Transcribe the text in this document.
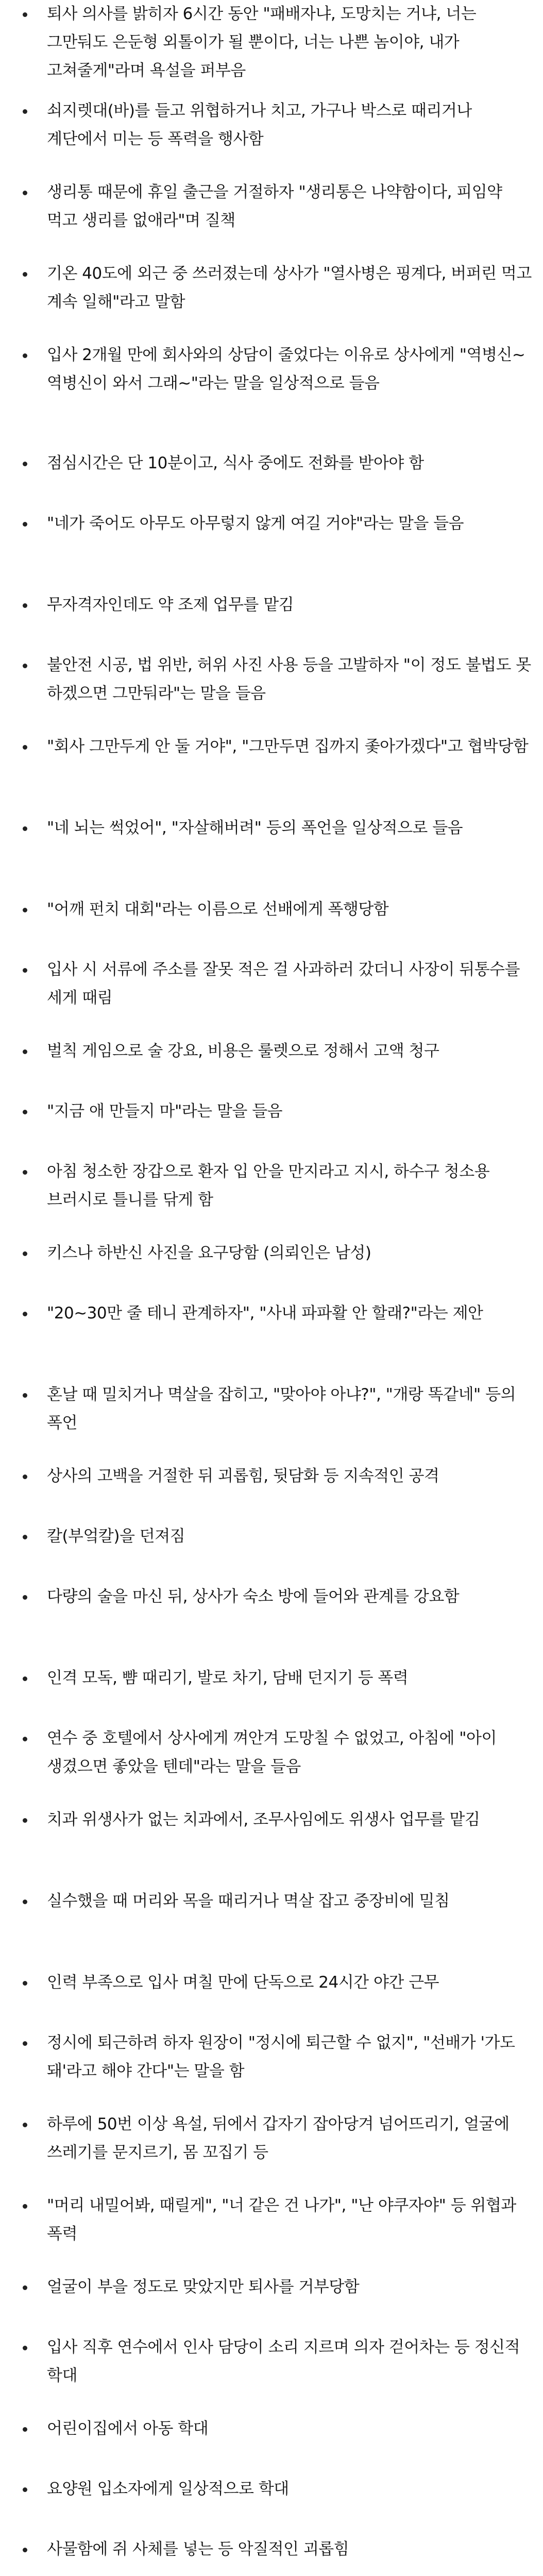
퇴사 의사를 밝히자 6시간 동안 "패배자냐, 도망치는 거냐, 너는 그만둬도 은둔형 외톨이가 될 뿐이다, 너는 나쁜 놈이야, 내가 고쳐줄게"라며 욕설을 퍼부음
쇠지렛대(바)를 들고 위협하거나 치고, 가구나 박스로 때리거나 계단에서 미는 등 폭력을 행사함
생리통 때문에 휴일 출근을 거절하자 "생리통은 나약함이다, 피임약 먹고 생리를 없애라"며 질책
기온 40도에 외근 중 쓰러졌는데 상사가 "열사병은 핑계다, 버퍼린 먹고 계속 일해"라고 말함
입사 2개월 만에 회사와의 상담이 줄었다는 이유로 상사에게 "역병신~ 역병신이 와서 그래~"라는 말을 일상적으로 들음
점심시간은 단 10분이고, 식사 중에도 전화를 받아야 함
"네가 죽어도 아무도 아무렇지 않게 여길 거야"라는 말을 들음
무자격자인데도 약 조제 업무를 맡김
불안전 시공, 법 위반, 허위 사진 사용 등을 고발하자 "이 정도 불법도 못 하겠으면 그만둬라"는 말을 들음
"회사 그만두게 안 둘 거야", "그만두면 집까지 좇아가겠다"고 협박당함
"네 뇌는 썩었어", "자살해버려" 등의 폭언을 일상적으로 들음
"어깨 펀치 대회"라는 이름으로 선배에게 폭행당함
입사 시 서류에 주소를 잘못 적은 걸 사과하러 갔더니 사장이 뒤통수를 세게 때림
벌칙 게임으로 술 강요, 비용은 룰렛으로 정해서 고액 청구
"지금 애 만들지 마"라는 말을 들음
아침 청소한 장갑으로 환자 입 안을 만지라고 지시, 하수구 청소용 브러시로 틀니를 닦게 함
키스나 하반신 사진을 요구당함 (의뢰인은 남성)
"20~30만 줄 테니 관계하자", "사내 파파활 안 할래?"라는 제안
혼날 때 밀치거나 멱살을 잡히고, "맞아야 아냐?", "개랑 똑같네" 등의 폭언
상사의 고백을 거절한 뒤 괴롭힘, 뒷담화 등 지속적인 공격
칼(부엌칼)을 던져짐
다량의 술을 마신 뒤, 상사가 숙소 방에 들어와 관계를 강요함
인격 모독, 뺨 때리기, 발로 차기, 담배 던지기 등 폭력
연수 중 호텔에서 상사에게 껴안겨 도망칠 수 없었고, 아침에 "아이 생겼으면 좋았을 텐데"라는 말을 들음
치과 위생사가 없는 치과에서, 조무사임에도 위생사 업무를 맡김
실수했을 때 머리와 목을 때리거나 멱살 잡고 중장비에 밀침
인력 부족으로 입사 며칠 만에 단독으로 24시간 야간 근무
정시에 퇴근하려 하자 원장이 "정시에 퇴근할 수 없지", "선배가 '가도 돼'라고 해야 간다"는 말을 함
하루에 50번 이상 욕설, 뒤에서 갑자기 잡아당겨 넘어뜨리기, 얼굴에 쓰레기를 문지르기, 몸 꼬집기 등
"머리 내밀어봐, 때릴게", "너 같은 건 나가", "난 야쿠자야" 등 위협과 폭력
얼굴이 부을 정도로 맞았지만 퇴사를 거부당함
입사 직후 연수에서 인사 담당이 소리 지르며 의자 걷어차는 등 정신적 학대
어린이집에서 아동 학대
요양원 입소자에게 일상적으로 학대
사물함에 쥐 사체를 넣는 등 악질적인 괴롭힘
